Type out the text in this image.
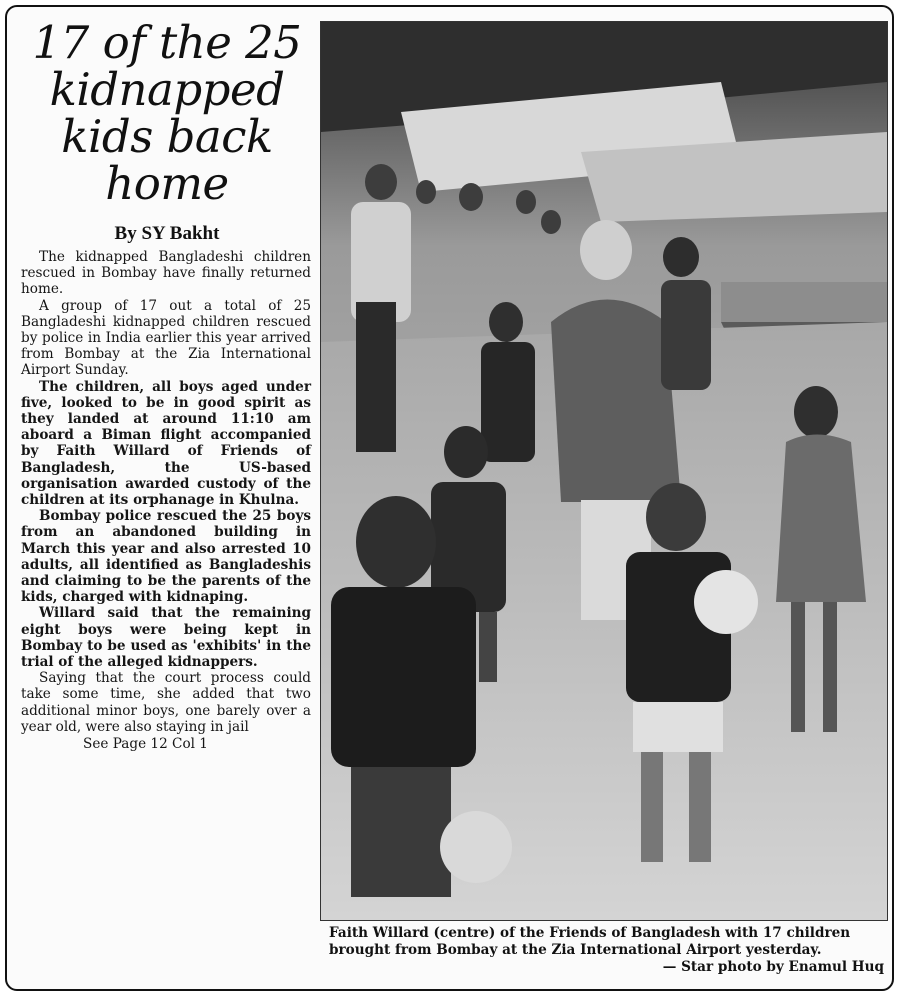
17 of the 25
kidnapped
kids back
home
By SY Bakht

The kidnapped Bangladeshi children rescued in Bombay have finally returned home.

A group of 17 out a total of 25 Bangladeshi kidnapped children rescued by police in India earlier this year arrived from Bombay at the Zia International Airport Sunday.

The children, all boys aged under five, looked to be in good spirit as they landed at around 11:10 am aboard a Biman flight accompanied by Faith Willard of Friends of Bangladesh, the US-based organisation awarded custody of the children at its orphanage in Khulna.

Bombay police rescued the 25 boys from an abandoned building in March this year and also arrested 10 adults, all identified as Bangladeshis and claiming to be the parents of the kids, charged with kidnaping.

Willard said that the remaining eight boys were being kept in Bombay to be used as 'exhibits' in the trial of the alleged kidnappers.

Saying that the court process could take some time, she added that two additional minor boys, one barely over a year old, were also staying in jail

See Page 12 Col 1
Faith Willard (centre) of the Friends of Bangladesh with 17 children brought from Bombay at the Zia International Airport yesterday.
— Star photo by Enamul Huq
